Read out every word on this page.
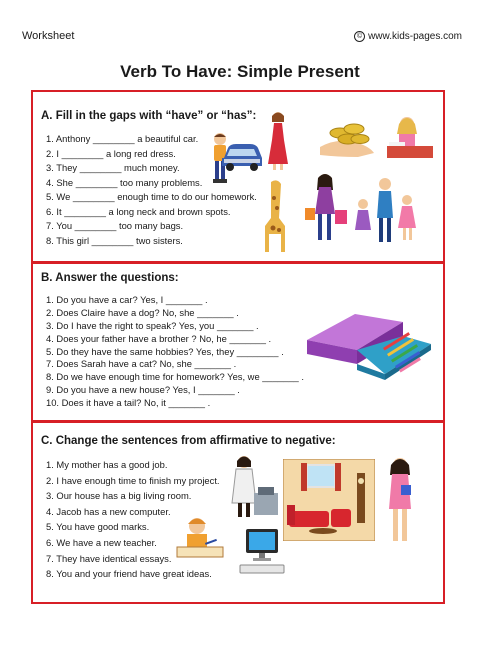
Worksheet	© www.kids-pages.com
Verb To Have: Simple Present
A. Fill in the gaps with “have” or “has”:
1. Anthony ________ a beautiful car.
2. I ________ a long red dress.
3. They ________ much money.
4. She ________ too many problems.
5. We ________ enough time to do our homework.
6. It ________ a long neck and brown spots.
7. You ________ too many bags.
8. This girl ________ two sisters.
B. Answer the questions:
1. Do you have a car? Yes, I _______ .
2. Does Claire have a dog? No, she _______ .
3. Do I have the right to speak? Yes, you _______ .
4. Does your father have a brother ? No, he _______ .
5. Do they have the same hobbies? Yes, they ________ .
7. Does Sarah have a cat? No, she _______ .
8. Do we have enough time for homework? Yes, we _______ .
9. Do you have a new house? Yes, I _______ .
10. Does it have a tail? No, it _______ .
C. Change the sentences from affirmative to negative:
1. My mother has a good job.
2. I have enough time to finish my project.
3. Our house has a big living room.
4. Jacob has a new computer.
5. You have good marks.
6. We have a new teacher.
7. They have identical essays.
8. You and your friend have great ideas.
